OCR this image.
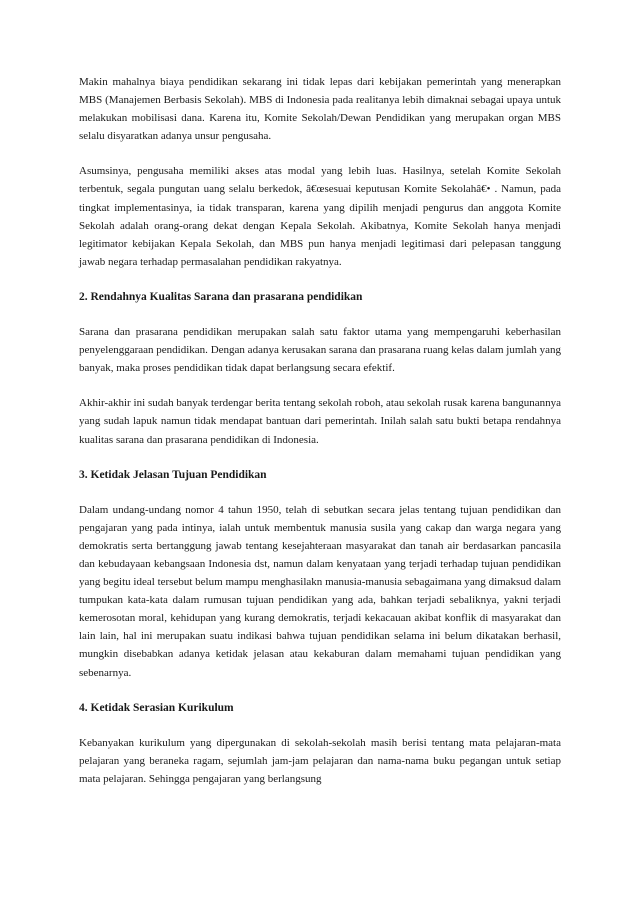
Makin mahalnya biaya pendidikan sekarang ini tidak lepas dari kebijakan pemerintah yang menerapkan MBS (Manajemen Berbasis Sekolah). MBS di Indonesia pada realitanya lebih dimaknai sebagai upaya untuk melakukan mobilisasi dana. Karena itu, Komite Sekolah/Dewan Pendidikan yang merupakan organ MBS selalu disyaratkan adanya unsur pengusaha.

Asumsinya, pengusaha memiliki akses atas modal yang lebih luas. Hasilnya, setelah Komite Sekolah terbentuk, segala pungutan uang selalu berkedok, â€œsesuai keputusan Komite Sekolahâ€• . Namun, pada tingkat implementasinya, ia tidak transparan, karena yang dipilih menjadi pengurus dan anggota Komite Sekolah adalah orang-orang dekat dengan Kepala Sekolah. Akibatnya, Komite Sekolah hanya menjadi legitimator kebijakan Kepala Sekolah, dan MBS pun hanya menjadi legitimasi dari pelepasan tanggung jawab negara terhadap permasalahan pendidikan rakyatnya.

2. Rendahnya Kualitas Sarana dan prasarana pendidikan

Sarana dan prasarana pendidikan merupakan salah satu faktor utama yang mempengaruhi keberhasilan penyelenggaraan pendidikan. Dengan adanya kerusakan sarana dan prasarana ruang kelas dalam jumlah yang banyak, maka proses pendidikan tidak dapat berlangsung secara efektif.

Akhir-akhir ini sudah banyak terdengar berita tentang sekolah roboh, atau sekolah rusak karena bangunannya yang sudah lapuk namun tidak mendapat bantuan dari pemerintah. Inilah salah satu bukti betapa rendahnya kualitas sarana dan prasarana pendidikan di Indonesia.

3. Ketidak Jelasan Tujuan Pendidikan

Dalam undang-undang nomor 4 tahun 1950, telah di sebutkan secara jelas tentang tujuan pendidikan dan pengajaran yang pada intinya, ialah untuk membentuk manusia susila yang cakap dan warga negara yang demokratis serta bertanggung jawab tentang kesejahteraan masyarakat dan tanah air berdasarkan pancasila dan kebudayaan kebangsaan Indonesia dst, namun dalam kenyataan yang terjadi terhadap tujuan pendidikan yang begitu ideal tersebut belum mampu menghasilakn manusia-manusia sebagaimana yang dimaksud dalam tumpukan kata-kata dalam rumusan tujuan pendidikan yang ada, bahkan terjadi sebaliknya, yakni terjadi kemerosotan moral, kehidupan yang kurang demokratis, terjadi kekacauan akibat konflik di masyarakat dan lain lain, hal ini merupakan suatu indikasi bahwa tujuan pendidikan selama ini belum dikatakan berhasil, mungkin disebabkan adanya ketidak jelasan atau kekaburan dalam memahami tujuan pendidikan yang sebenarnya.

4. Ketidak Serasian Kurikulum

Kebanyakan kurikulum yang dipergunakan di sekolah-sekolah masih berisi tentang mata pelajaran-mata pelajaran yang beraneka ragam, sejumlah jam-jam pelajaran dan nama-nama buku pegangan untuk setiap mata pelajaran. Sehingga pengajaran yang berlangsung
